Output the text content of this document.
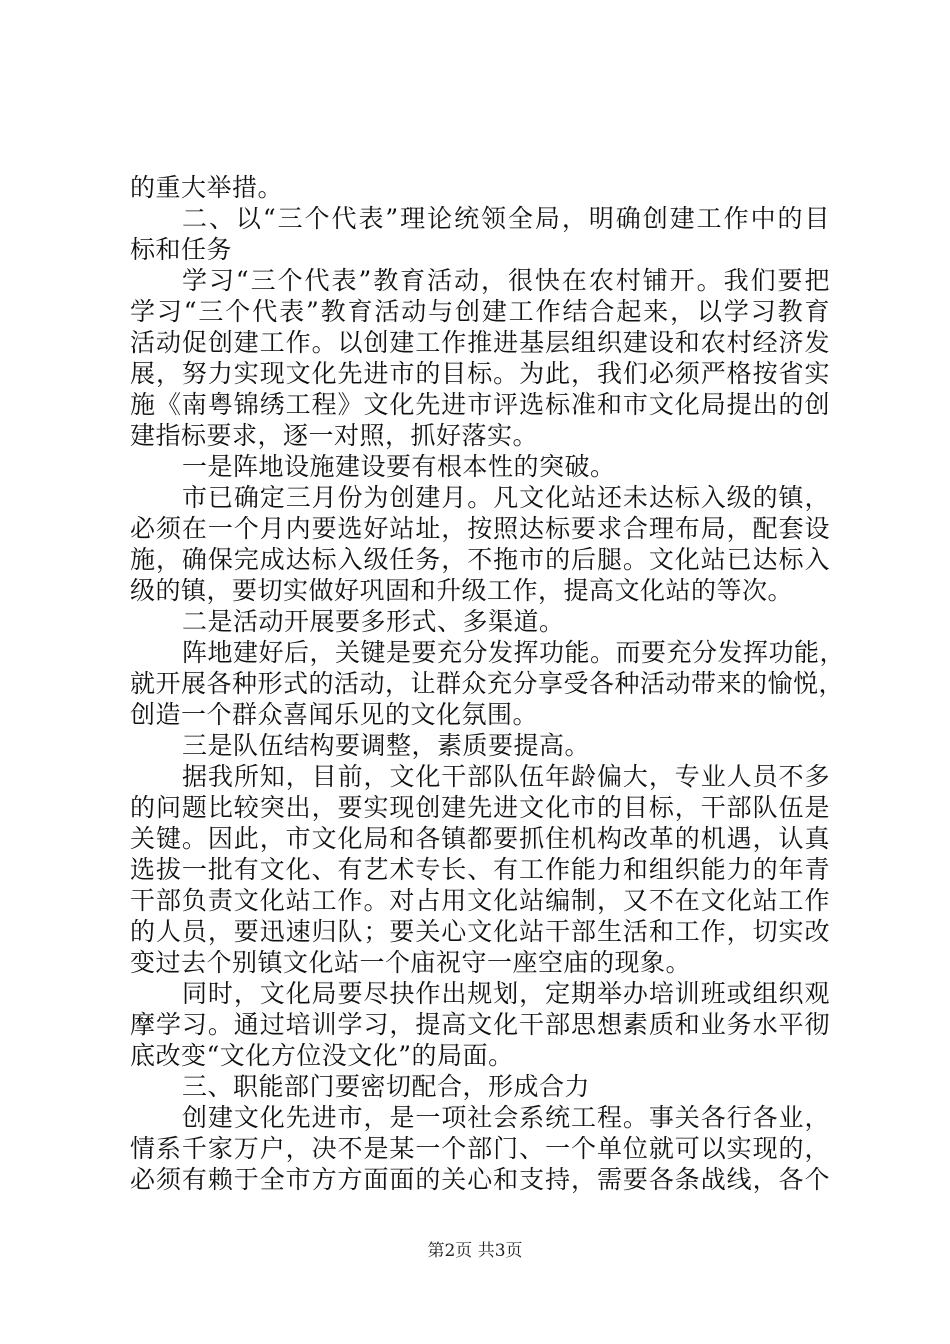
的重大举措。
二、以“三个代表”理论统领全局，明确创建工作中的目
标和任务
学习“三个代表”教育活动，很快在农村铺开。我们要把
学习“三个代表”教育活动与创建工作结合起来，以学习教育
活动促创建工作。以创建工作推进基层组织建设和农村经济发
展，努力实现文化先进市的目标。为此，我们必须严格按省实
施《南粤锦绣工程》文化先进市评选标准和市文化局提出的创
建指标要求，逐一对照，抓好落实。
一是阵地设施建设要有根本性的突破。
市已确定三月份为创建月。凡文化站还未达标入级的镇，
必须在一个月内要选好站址，按照达标要求合理布局，配套设
施，确保完成达标入级任务，不拖市的后腿。文化站已达标入
级的镇，要切实做好巩固和升级工作，提高文化站的等次。
二是活动开展要多形式、多渠道。
阵地建好后，关键是要充分发挥功能。而要充分发挥功能，
就开展各种形式的活动，让群众充分享受各种活动带来的愉悦，
创造一个群众喜闻乐见的文化氛围。
三是队伍结构要调整，素质要提高。
据我所知，目前，文化干部队伍年龄偏大，专业人员不多
的问题比较突出，要实现创建先进文化市的目标，干部队伍是
关键。因此，市文化局和各镇都要抓住机构改革的机遇，认真
选拔一批有文化、有艺术专长、有工作能力和组织能力的年青
干部负责文化站工作。对占用文化站编制，又不在文化站工作
的人员，要迅速归队；要关心文化站干部生活和工作，切实改
变过去个别镇文化站一个庙祝守一座空庙的现象。
同时，文化局要尽抉作出规划，定期举办培训班或组织观
摩学习。通过培训学习，提高文化干部思想素质和业务水平彻
底改变“文化方位没文化”的局面。
三、职能部门要密切配合，形成合力
创建文化先进市，是一项社会系统工程。事关各行各业，
情系千家万户，决不是某一个部门、一个单位就可以实现的，
必须有赖于全市方方面面的关心和支持，需要各条战线，各个
第2页 共3页
